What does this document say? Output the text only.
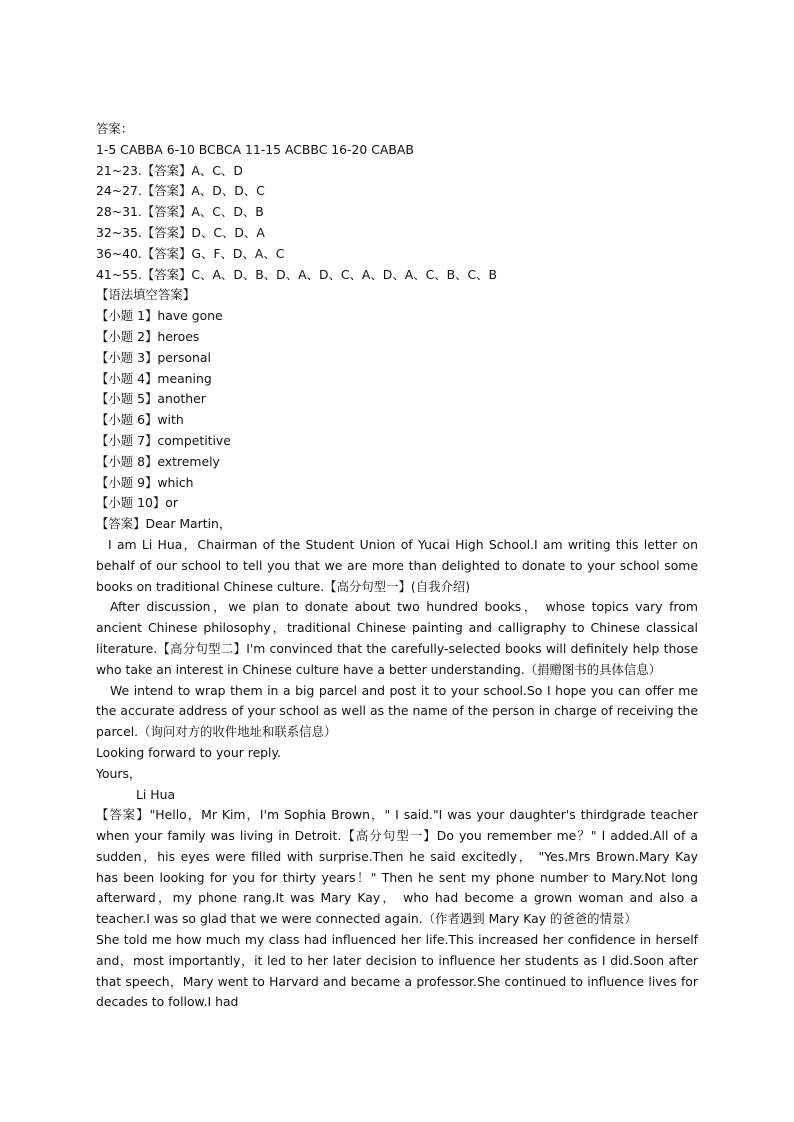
答案：
1-5 CABBA 6-10 BCBCA 11-15 ACBBC 16-20 CABAB
21~23.【答案】A、C、D
24~27.【答案】A、D、D、C
28~31.【答案】A、C、D、B
32~35.【答案】D、C、D、A
36~40.【答案】G、F、D、A、C
41~55.【答案】C、A、D、B、D、A、D、C、A、D、A、C、B、C、B
【语法填空答案】
【小题 1】have gone
【小题 2】heroes
【小题 3】personal
【小题 4】meaning
【小题 5】another
【小题 6】with
【小题 7】competitive
【小题 8】extremely
【小题 9】which
【小题 10】or
【答案】Dear Martin，
I am Li Hua，Chairman of the Student Union of Yucai High School.I am writing this letter on behalf of our school to tell you that we are more than delighted to donate to your school some books on traditional Chinese culture.【高分句型一】(自我介绍)
After discussion，we plan to donate about two hundred books， whose topics vary from ancient Chinese philosophy，traditional Chinese painting and calligraphy to Chinese classical literature.【高分句型二】I'm convinced that the carefully-selected books will definitely help those who take an interest in Chinese culture have a better understanding.（捐赠图书的具体信息）
We intend to wrap them in a big parcel and post it to your school.So I hope you can offer me the accurate address of your school as well as the name of the person in charge of receiving the parcel.（询问对方的收件地址和联系信息）
Looking forward to your reply.
Yours，
Li Hua
【答案】"Hello，Mr Kim，I'm Sophia Brown，" I said."I was your daughter's thirdgrade teacher when your family was living in Detroit.【高分句型一】Do you remember me？" I added.All of a sudden，his eyes were filled with surprise.Then he said excitedly， "Yes.Mrs Brown.Mary Kay has been looking for you for thirty years！" Then he sent my phone number to Mary.Not long afterward，my phone rang.It was Mary Kay， who had become a grown woman and also a teacher.I was so glad that we were connected again.（作者遇到 Mary Kay 的爸爸的情景）
She told me how much my class had influenced her life.This increased her confidence in herself and，most importantly，it led to her later decision to influence her students as I did.Soon after that speech，Mary went to Harvard and became a professor.She continued to influence lives for decades to follow.I had
